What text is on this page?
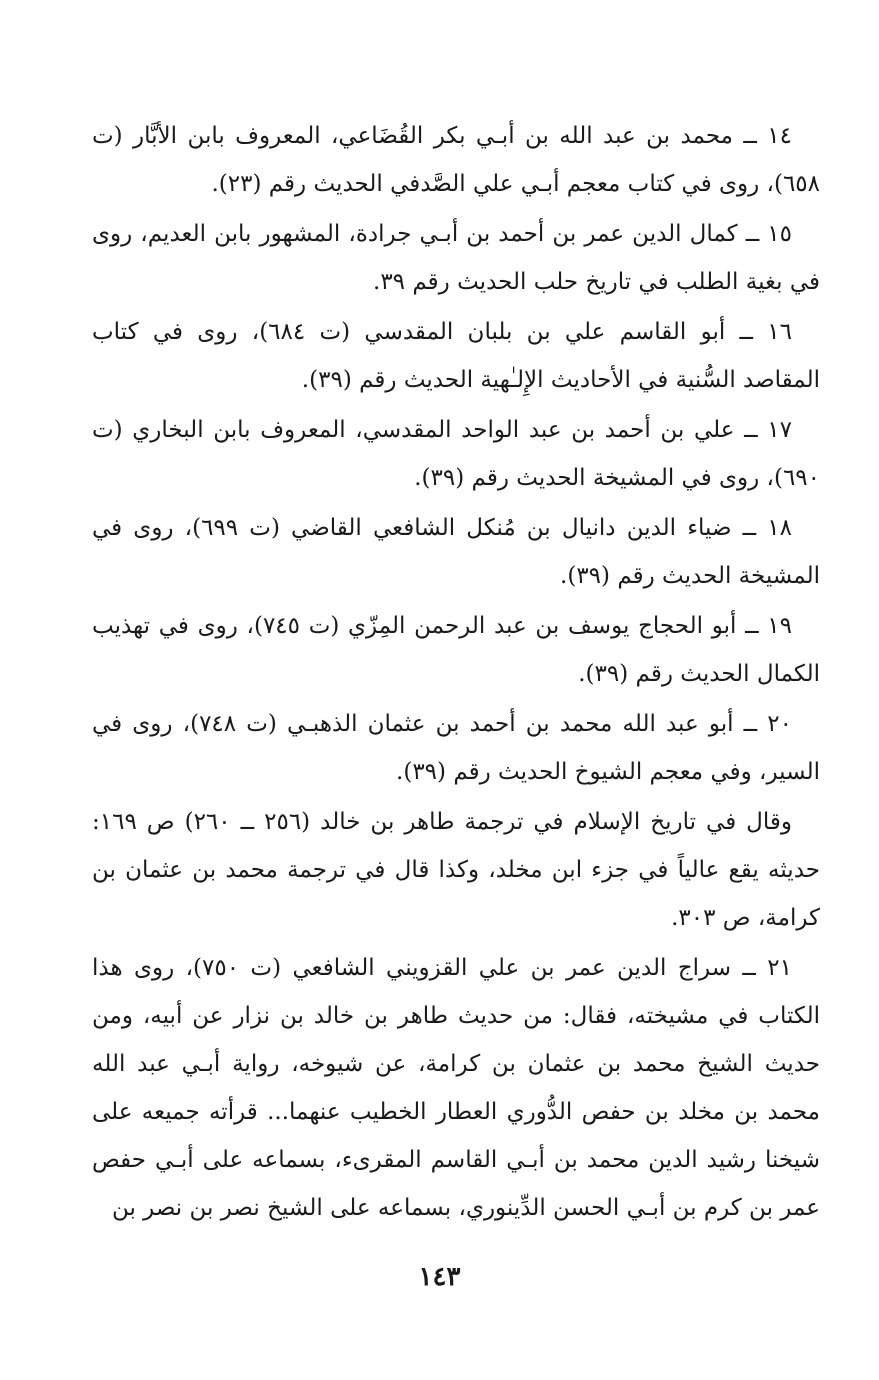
١٤ ــ محمد بن عبد الله بن أبـي بكر القُضَاعي، المعروف بابن الأبَّار (ت ٦٥٨)، روى في كتاب معجم أبـي علي الصَّدفي الحديث رقم (٢٣).

١٥ ــ كمال الدين عمر بن أحمد بن أبـي جرادة، المشهور بابن العديم، روى في بغية الطلب في تاريخ حلب الحديث رقم ٣٩.

١٦ ــ أبو القاسم علي بن بلبان المقدسي (ت ٦٨٤)، روى في كتاب المقاصد السُّنية في الأحاديث الإِلـٰهية الحديث رقم (٣٩).

١٧ ــ علي بن أحمد بن عبد الواحد المقدسي، المعروف بابن البخاري (ت ٦٩٠)، روى في المشيخة الحديث رقم (٣٩).

١٨ ــ ضياء الدين دانيال بن مُنكل الشافعي القاضي (ت ٦٩٩)، روى في المشيخة الحديث رقم (٣٩).

١٩ ــ أبو الحجاج يوسف بن عبد الرحمن المِزّي (ت ٧٤٥)، روى في تهذيب الكمال الحديث رقم (٣٩).

٢٠ ــ أبو عبد الله محمد بن أحمد بن عثمان الذهبـي (ت ٧٤٨)، روى في السير، وفي معجم الشيوخ الحديث رقم (٣٩).

وقال في تاريخ الإسلام في ترجمة طاهر بن خالد (٢٥٦ ــ ٢٦٠) ص ١٦٩: حديثه يقع عالياً في جزء ابن مخلد، وكذا قال في ترجمة محمد بن عثمان بن كرامة، ص ٣٠٣.

٢١ ــ سراج الدين عمر بن علي القزويني الشافعي (ت ٧٥٠)، روى هذا الكتاب في مشيخته، فقال: من حديث طاهر بن خالد بن نزار عن أبيه، ومن حديث الشيخ محمد بن عثمان بن كرامة، عن شيوخه، رواية أبـي عبد الله محمد بن مخلد بن حفص الدُّوري العطار الخطيب عنهما... قرأته جميعه على شيخنا رشيد الدين محمد بن أبـي القاسم المقرىء، بسماعه على أبـي حفص عمر بن كرم بن أبـي الحسن الدِّينوري، بسماعه على الشيخ نصر بن نصر بن

١٤٣
